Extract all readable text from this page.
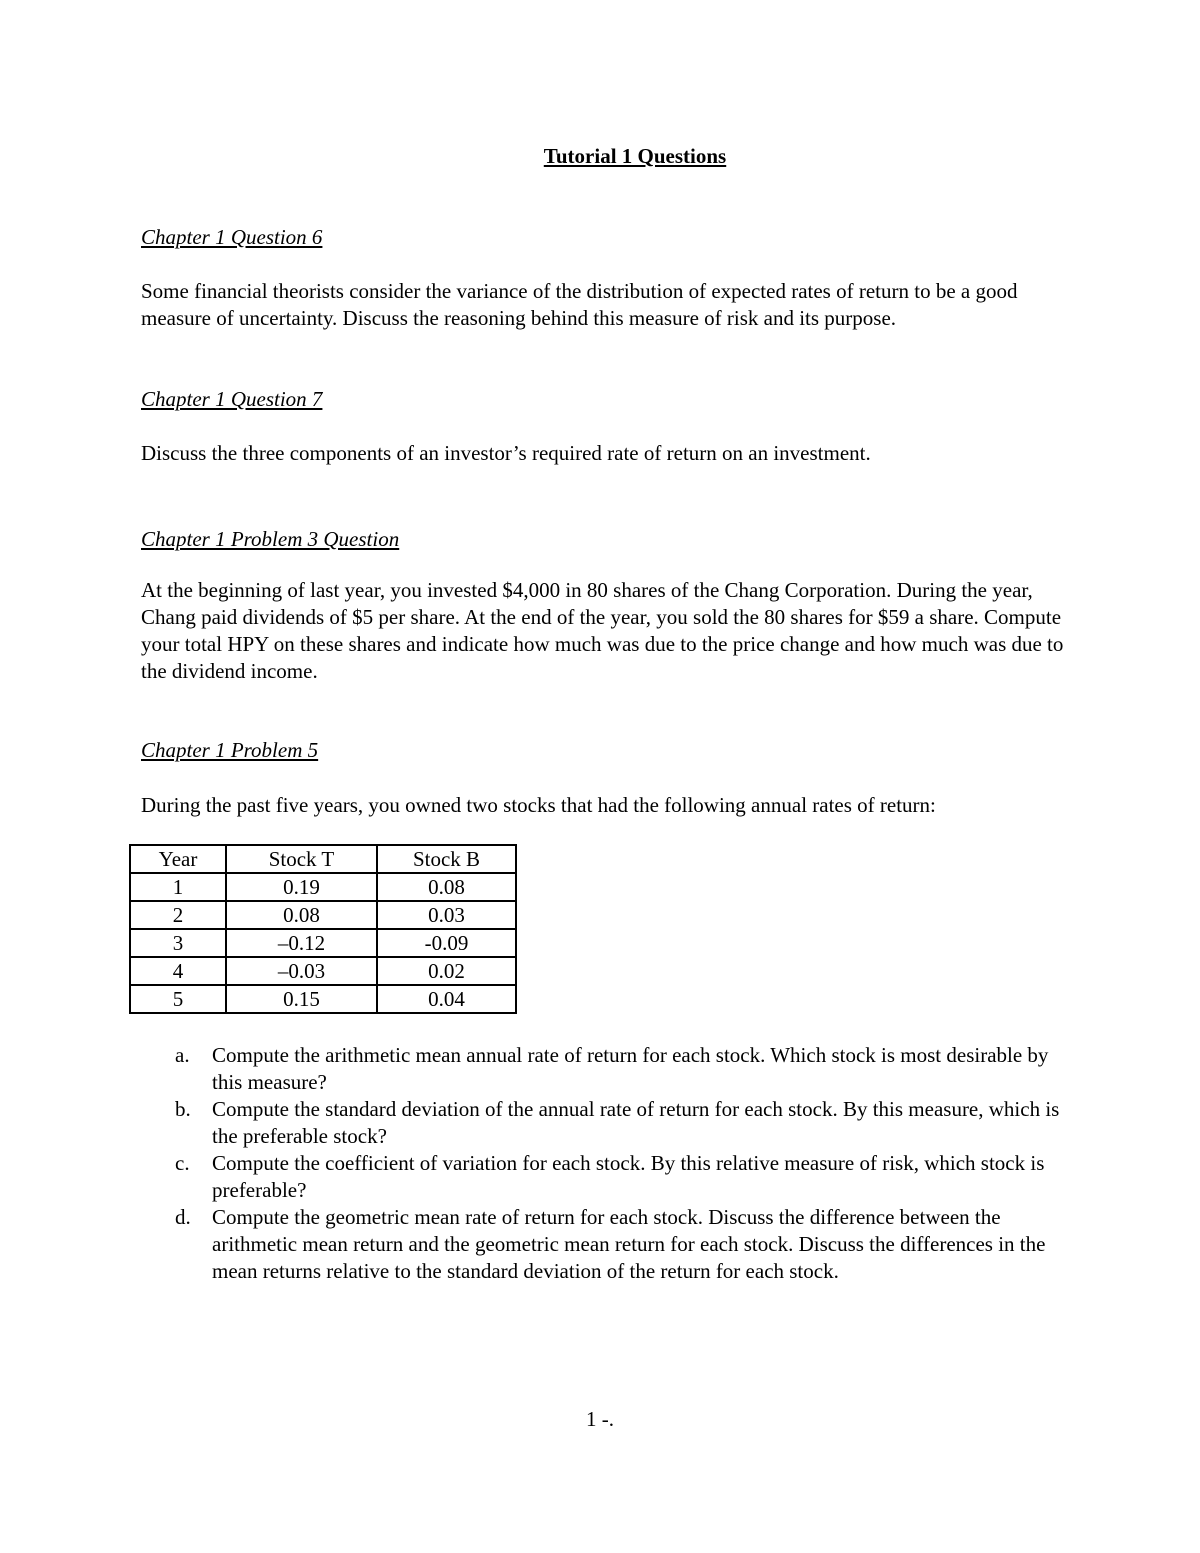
Tutorial 1 Questions
Chapter 1 Question 6

Some financial theorists consider the variance of the distribution of expected rates of return to be a good measure of uncertainty. Discuss the reasoning behind this measure of risk and its purpose.

Chapter 1 Question 7

Discuss the three components of an investor’s required rate of return on an investment.

Chapter 1 Problem 3 Question

At the beginning of last year, you invested $4,000 in 80 shares of the Chang Corporation. During the year, Chang paid dividends of $5 per share. At the end of the year, you sold the 80 shares for $59 a share. Compute your total HPY on these shares and indicate how much was due to the price change and how much was due to the dividend income.

Chapter 1 Problem 5

During the past five years, you owned two stocks that had the following annual rates of return:

Year	Stock T	Stock B
1	0.19	0.08
2	0.08	0.03
3	–0.12	-0.09
4	–0.03	0.02
5	0.15	0.04
a. Compute the arithmetic mean annual rate of return for each stock. Which stock is most desirable by this measure?
b. Compute the standard deviation of the annual rate of return for each stock. By this measure, which is the preferable stock?
c. Compute the coefficient of variation for each stock. By this relative measure of risk, which stock is preferable?
d. Compute the geometric mean rate of return for each stock. Discuss the difference between the arithmetic mean return and the geometric mean return for each stock. Discuss the differences in the mean returns relative to the standard deviation of the return for each stock.
1 -.
